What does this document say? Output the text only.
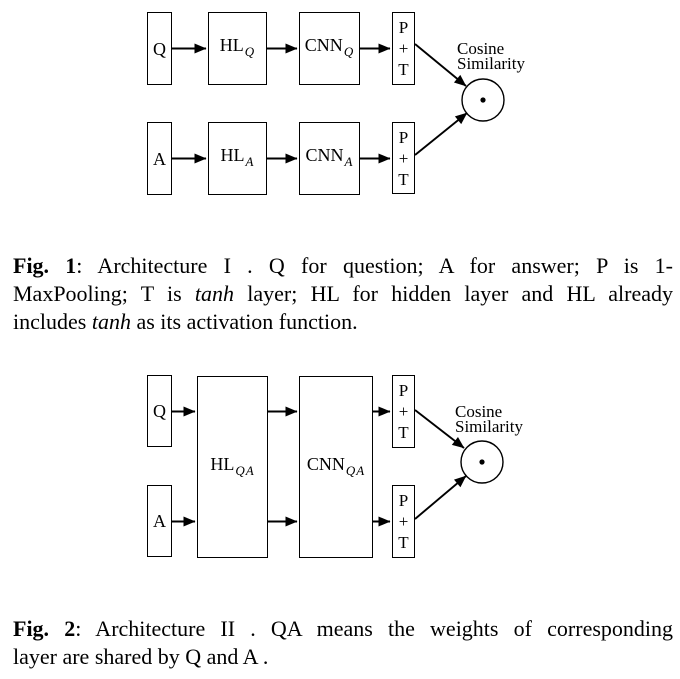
Q	$HL_Q$	$CNN_Q$
P
+
T
A	$HL_A$	$CNN_A$
P
+
T
Cosine
Similarity
Fig. 1: Architecture I . Q for question; A for answer; P is 1-
MaxPooling; T is tanh layer; HL for hidden layer and HL already
includes tanh as its activation function.
Q
A
$HL_{QA}$	$CNN_{QA}$
P
+
T
P
+
T
Cosine
Similarity
Fig. 2: Architecture II . QA means the weights of corresponding
layer are shared by Q and A .
